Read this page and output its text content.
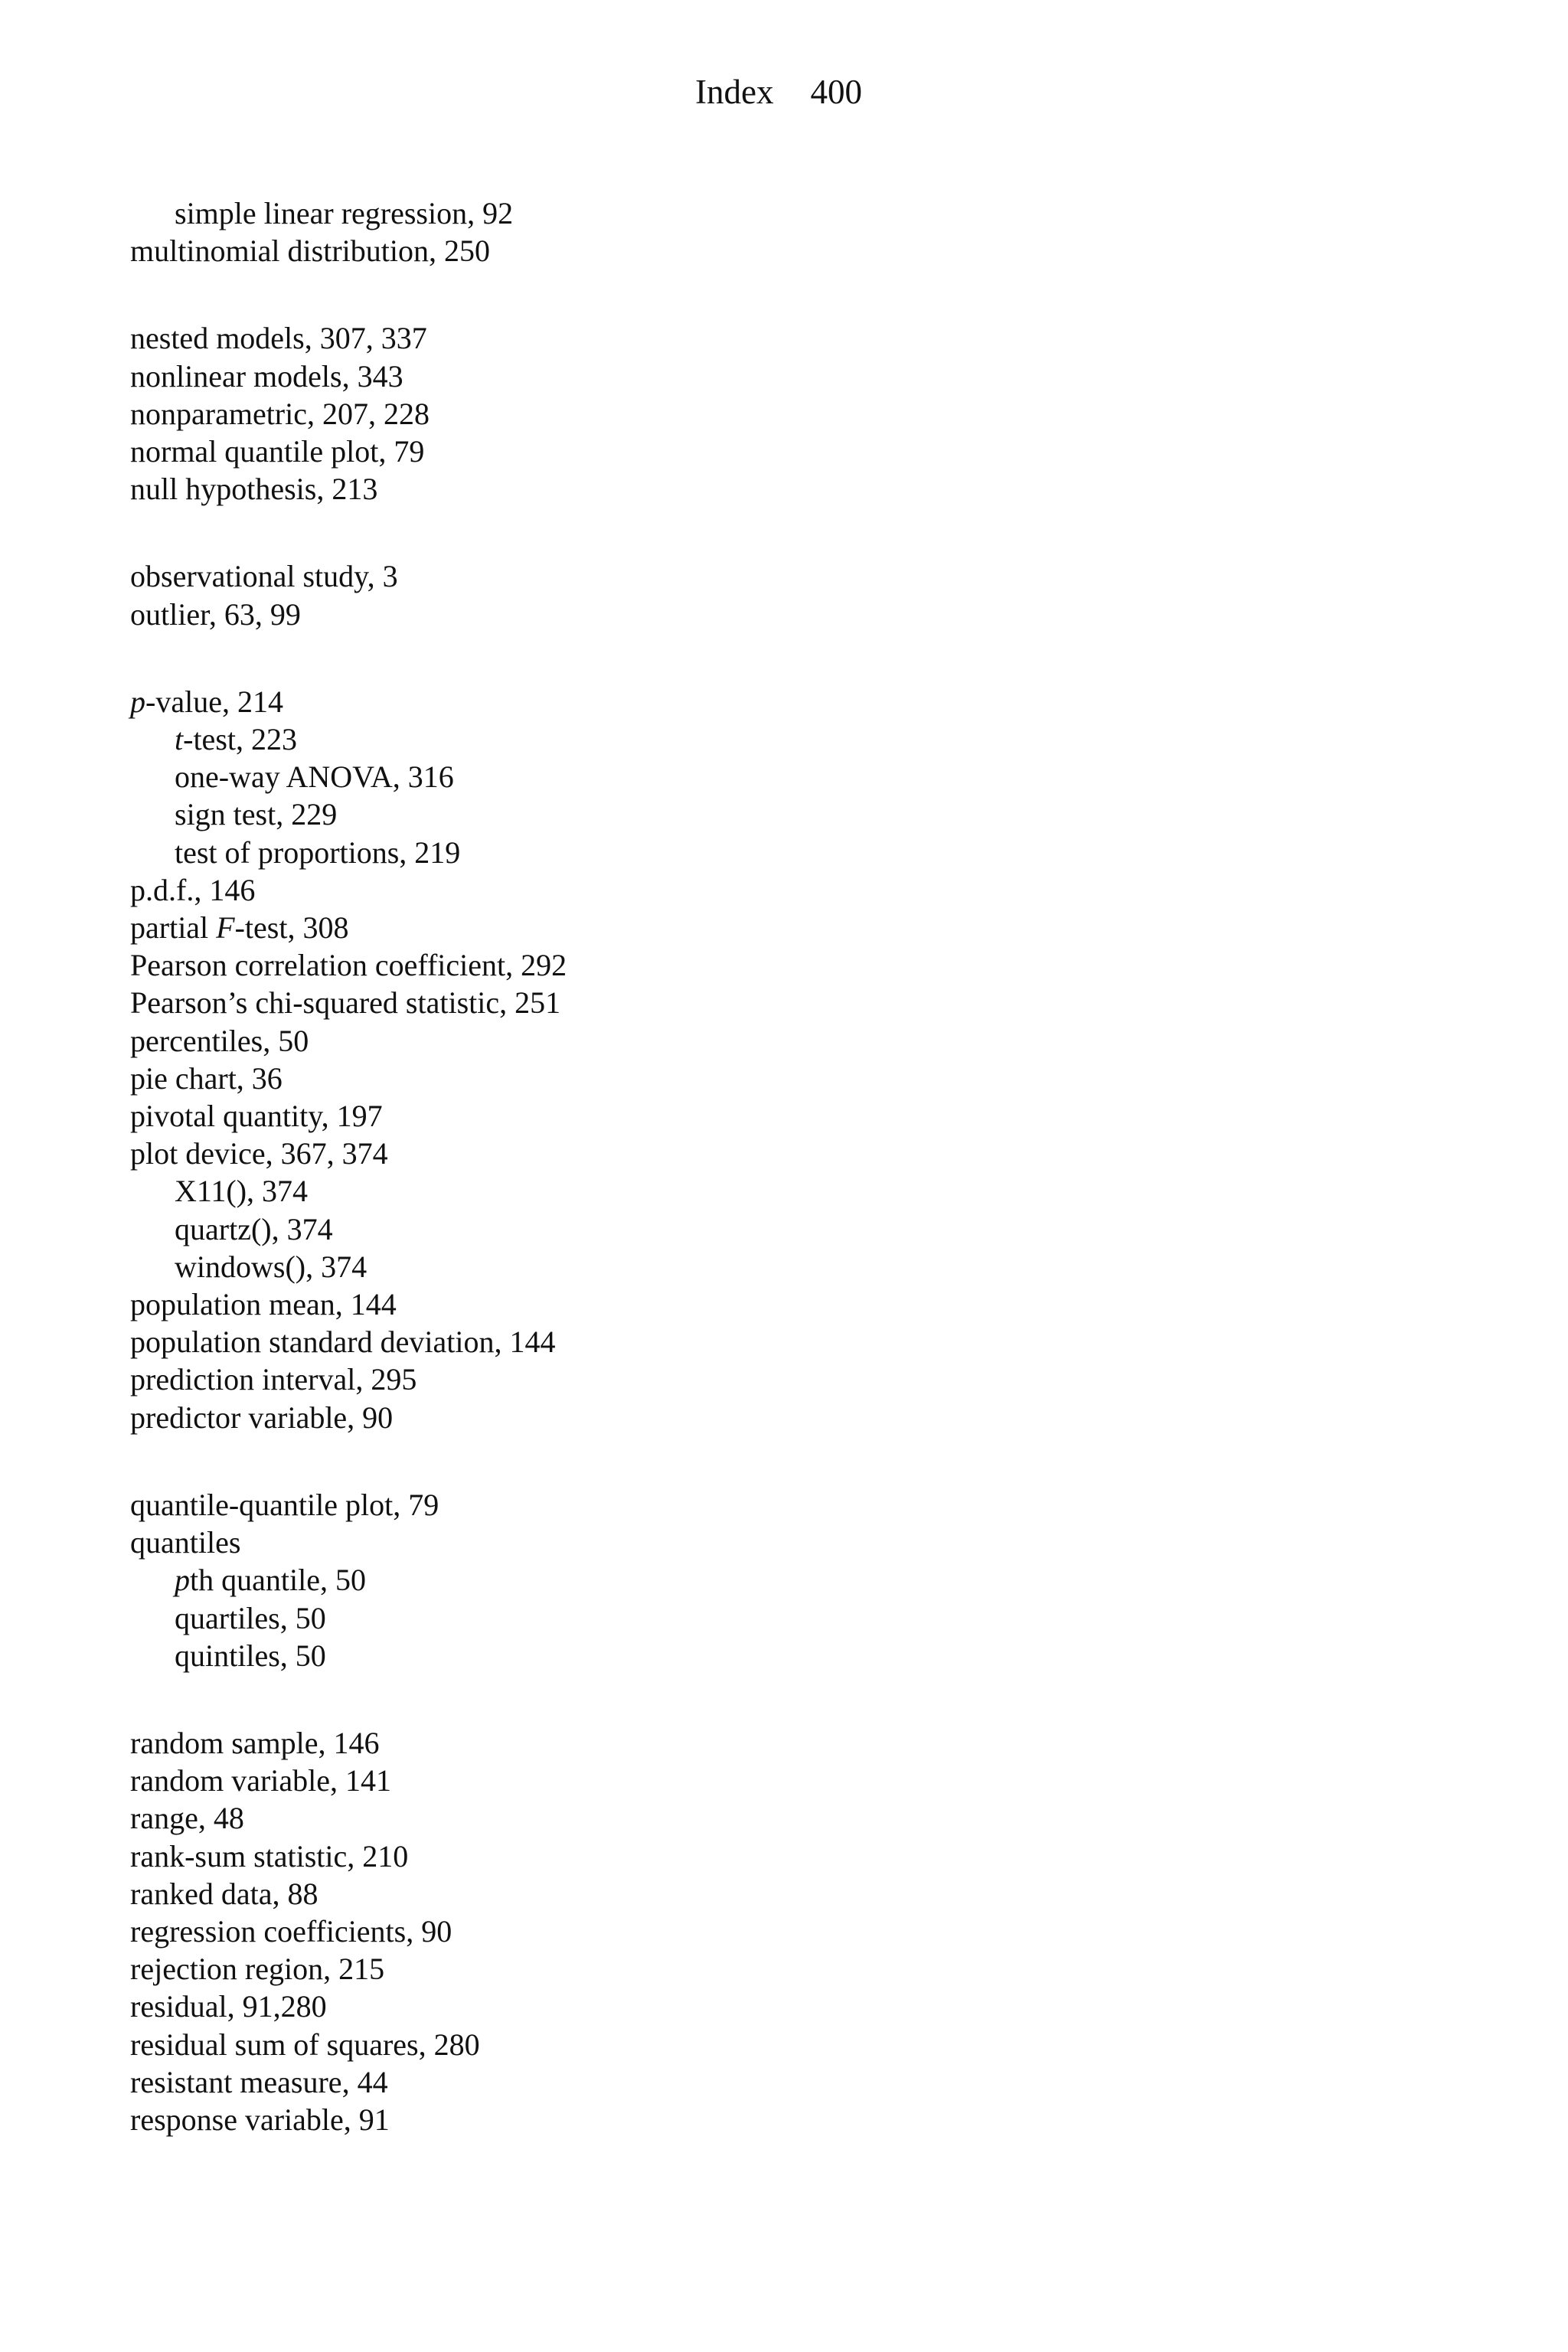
Index 400
simple linear regression, 92
multinomial distribution, 250
nested models, 307, 337
nonlinear models, 343
nonparametric, 207, 228
normal quantile plot, 79
null hypothesis, 213
observational study, 3
outlier, 63, 99
p-value, 214
t-test, 223
one-way ANOVA, 316
sign test, 229
test of proportions, 219
p.d.f., 146
partial F-test, 308
Pearson correlation coefficient, 292
Pearson’s chi-squared statistic, 251
percentiles, 50
pie chart, 36
pivotal quantity, 197
plot device, 367, 374
X11(), 374
quartz(), 374
windows(), 374
population mean, 144
population standard deviation, 144
prediction interval, 295
predictor variable, 90
quantile-quantile plot, 79
quantiles
pth quantile, 50
quartiles, 50
quintiles, 50
random sample, 146
random variable, 141
range, 48
rank-sum statistic, 210
ranked data, 88
regression coefficients, 90
rejection region, 215
residual, 91,280
residual sum of squares, 280
resistant measure, 44
response variable, 91
